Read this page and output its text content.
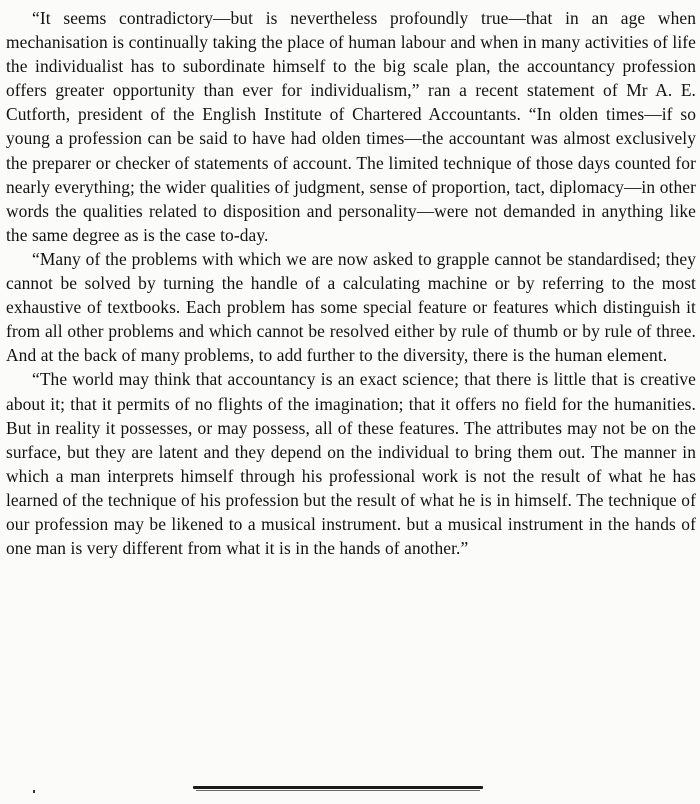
“It seems contradictory—but is nevertheless profoundly true—that in an age when mechanisation is continually taking the place of human labour and when in many activities of life the individualist has to subordinate himself to the big scale plan, the accountancy profession offers greater opportunity than ever for individualism,” ran a recent statement of Mr A. E. Cutforth, president of the English Institute of Chartered Accountants. “In olden times—if so young a profession can be said to have had olden times—the accountant was almost exclusively the preparer or checker of statements of account. The limited technique of those days counted for nearly everything; the wider qualities of judgment, sense of proportion, tact, diplomacy—in other words the qualities related to disposition and personality—were not demanded in anything like the same degree as is the case to-day.

“Many of the problems with which we are now asked to grapple cannot be standardised; they cannot be solved by turning the handle of a calculating machine or by referring to the most exhaustive of textbooks. Each problem has some special feature or features which distinguish it from all other problems and which cannot be resolved either by rule of thumb or by rule of three. And at the back of many problems, to add further to the diversity, there is the human element.

“The world may think that accountancy is an exact science; that there is little that is creative about it; that it permits of no flights of the imagination; that it offers no field for the humanities. But in reality it possesses, or may possess, all of these features. The attributes may not be on the surface, but they are latent and they depend on the individual to bring them out. The manner in which a man interprets himself through his professional work is not the result of what he has learned of the technique of his profession but the result of what he is in himself. The technique of our profession may be likened to a musical instrument. but a musical instrument in the hands of one man is very different from what it is in the hands of another.”
